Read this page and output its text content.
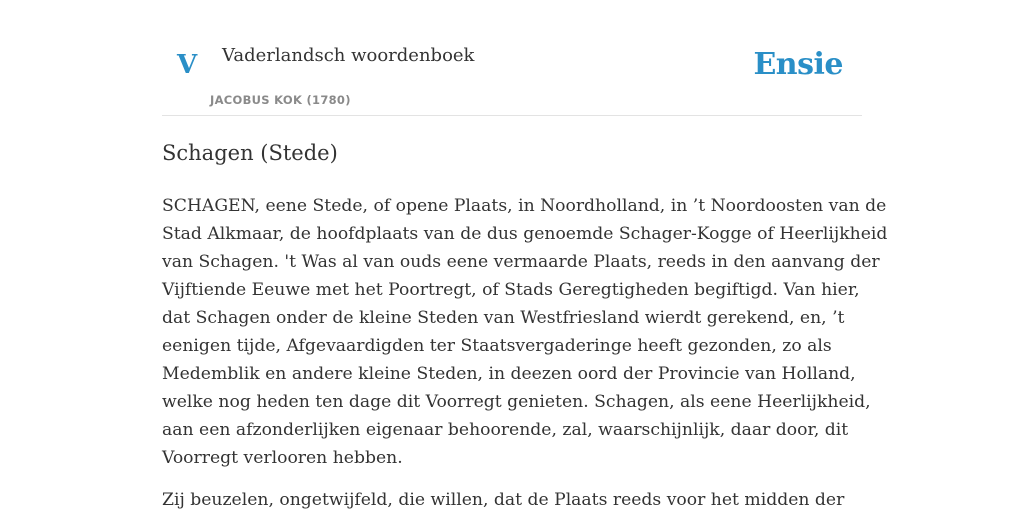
V Vaderlandsch woordenboek
JACOBUS KOK (1780)
Ensie
Schagen (Stede)

SCHAGEN, eene Stede, of opene Plaats, in Noordholland, in ’t Noordoosten van de
Stad Alkmaar, de hoofdplaats van de dus genoemde Schager-Kogge of Heerlijkheid
van Schagen. 't Was al van ouds eene vermaarde Plaats, reeds in den aanvang der
Vijftiende Eeuwe met het Poortregt, of Stads Geregtigheden begiftigd. Van hier,
dat Schagen onder de kleine Steden van Westfriesland wierdt gerekend, en, ’t
eenigen tijde, Afgevaardigden ter Staatsvergaderinge heeft gezonden, zo als
Medemblik en andere kleine Steden, in deezen oord der Provincie van Holland,
welke nog heden ten dage dit Voorregt genieten. Schagen, als eene Heerlijkheid,
aan een afzonderlijken eigenaar behoorende, zal, waarschijnlijk, daar door, dit
Voorregt verlooren hebben.

Zij beuzelen, ongetwijfeld, die willen, dat de Plaats reeds voor het midden der
